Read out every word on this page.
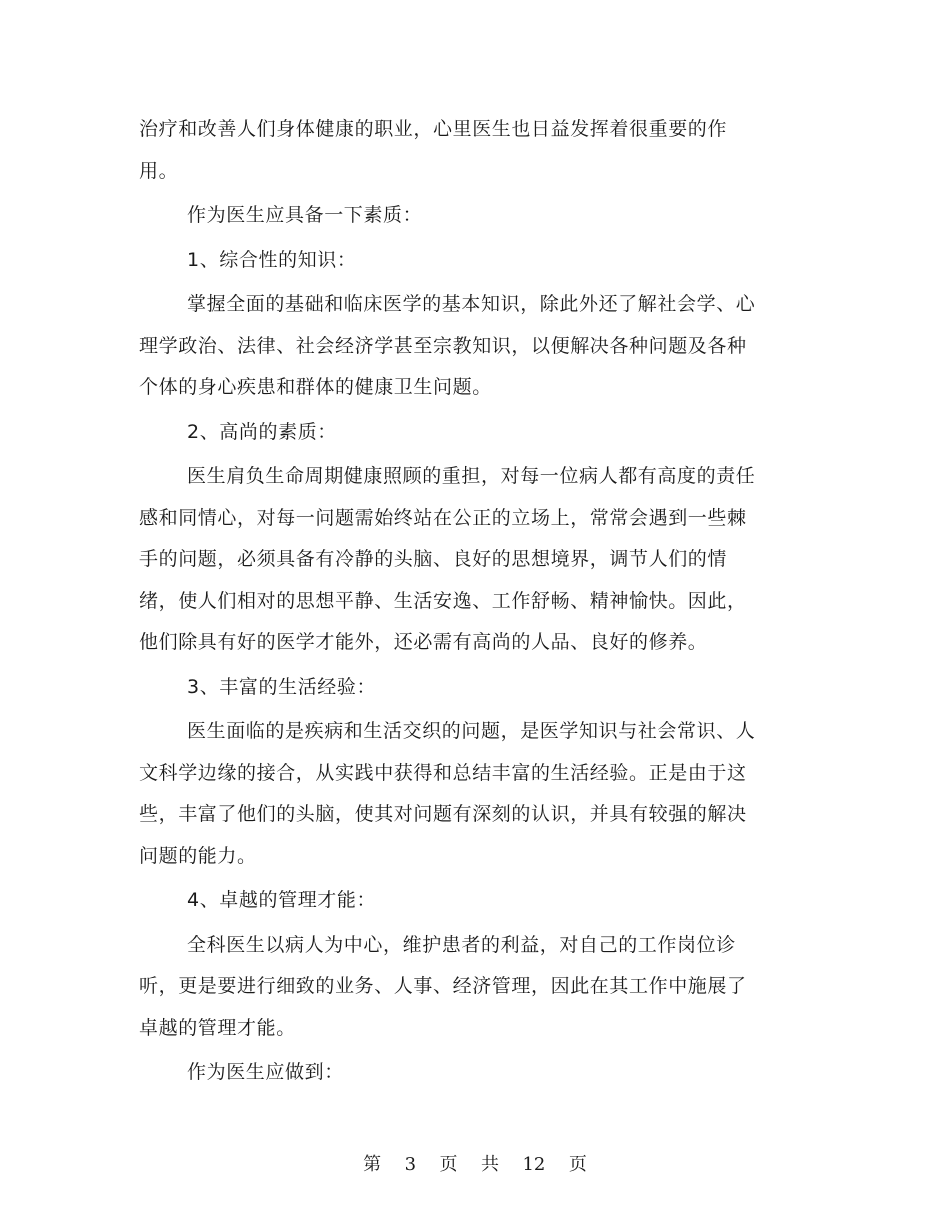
治疗和改善人们身体健康的职业，心里医生也日益发挥着很重要的作用。

作为医生应具备一下素质：

1、综合性的知识：

掌握全面的基础和临床医学的基本知识，除此外还了解社会学、心理学政治、法律、社会经济学甚至宗教知识，以便解决各种问题及各种个体的身心疾患和群体的健康卫生问题。

2、高尚的素质：

医生肩负生命周期健康照顾的重担，对每一位病人都有高度的责任感和同情心，对每一问题需始终站在公正的立场上，常常会遇到一些棘手的问题，必须具备有冷静的头脑、良好的思想境界，调节人们的情绪，使人们相对的思想平静、生活安逸、工作舒畅、精神愉快。因此，他们除具有好的医学才能外，还必需有高尚的人品、良好的修养。

3、丰富的生活经验：

医生面临的是疾病和生活交织的问题，是医学知识与社会常识、人文科学边缘的接合，从实践中获得和总结丰富的生活经验。正是由于这些，丰富了他们的头脑，使其对问题有深刻的认识，并具有较强的解决问题的能力。

4、卓越的管理才能：

全科医生以病人为中心，维护患者的利益，对自己的工作岗位诊听，更是要进行细致的业务、人事、经济管理，因此在其工作中施展了卓越的管理才能。

作为医生应做到：

第 3 页 共 12 页
